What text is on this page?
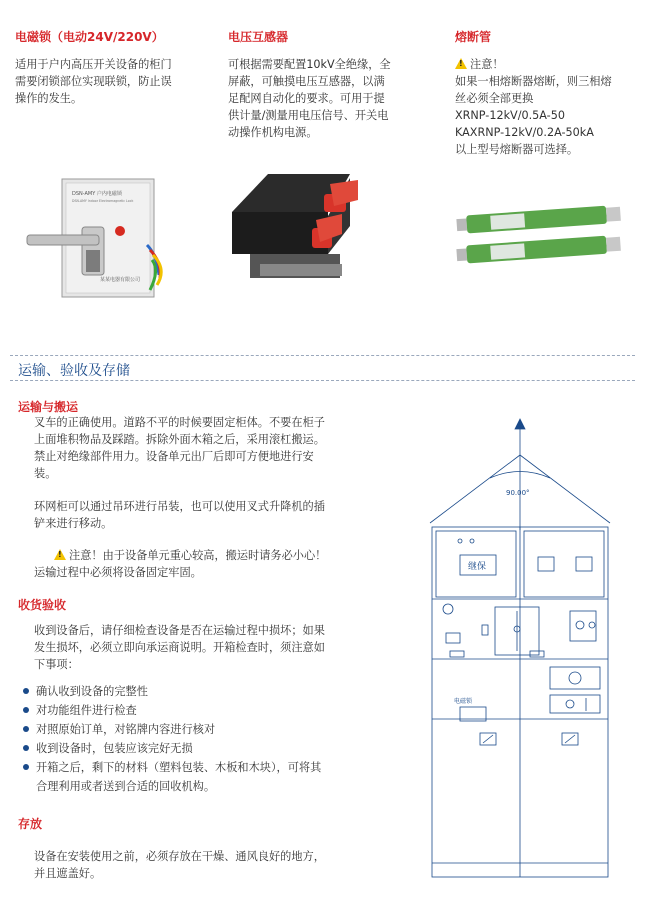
电磁锁（电动24V/220V）
适用于户内高压开关设备的柜门
需要闭锁部位实现联锁，防止误
操作的发生。
电压互感器
可根据需要配置10kV全绝缘，全
屏蔽，可触摸电压互感器，以满
足配网自动化的要求。可用于提
供计量/测量用电压信号、开关电
动操作机构电源。
熔断管
!注意！
如果一相熔断器熔断，则三相熔
丝必须全部更换
XRNP-12kV/0.5A-50
KAXRNP-12kV/0.2A-50kA
以上型号熔断器可选择。
DSN-AMY 户内电磁锁
DSN-AMY Indoor Electromagnetic Lock
某某电器有限公司
运输、验收及存储
运输与搬运
叉车的正确使用。道路不平的时候要固定柜体。不要在柜子
上面堆积物品及踩踏。拆除外面木箱之后，采用滚杠搬运。
禁止对绝缘部件用力。设备单元出厂后即可方便地进行安
装。
环网柜可以通过吊环进行吊装，也可以使用叉式升降机的插
铲来进行移动。
!注意！由于设备单元重心较高，搬运时请务必小心！
运输过程中必须将设备固定牢固。
收货验收
收到设备后，请仔细检查设备是否在运输过程中损坏；如果
发生损坏，必须立即向承运商说明。开箱检查时，须注意如
下事项：
确认收到设备的完整性
对功能组件进行检查
对照原始订单，对铭牌内容进行核对
收到设备时，包装应该完好无损
开箱之后，剩下的材料（塑料包装、木板和木块），可将其
合理利用或者送到合适的回收机构。
存放
设备在安装使用之前，必须存放在干燥、通风良好的地方，
并且遮盖好。
90.00°
继保
电磁锁
